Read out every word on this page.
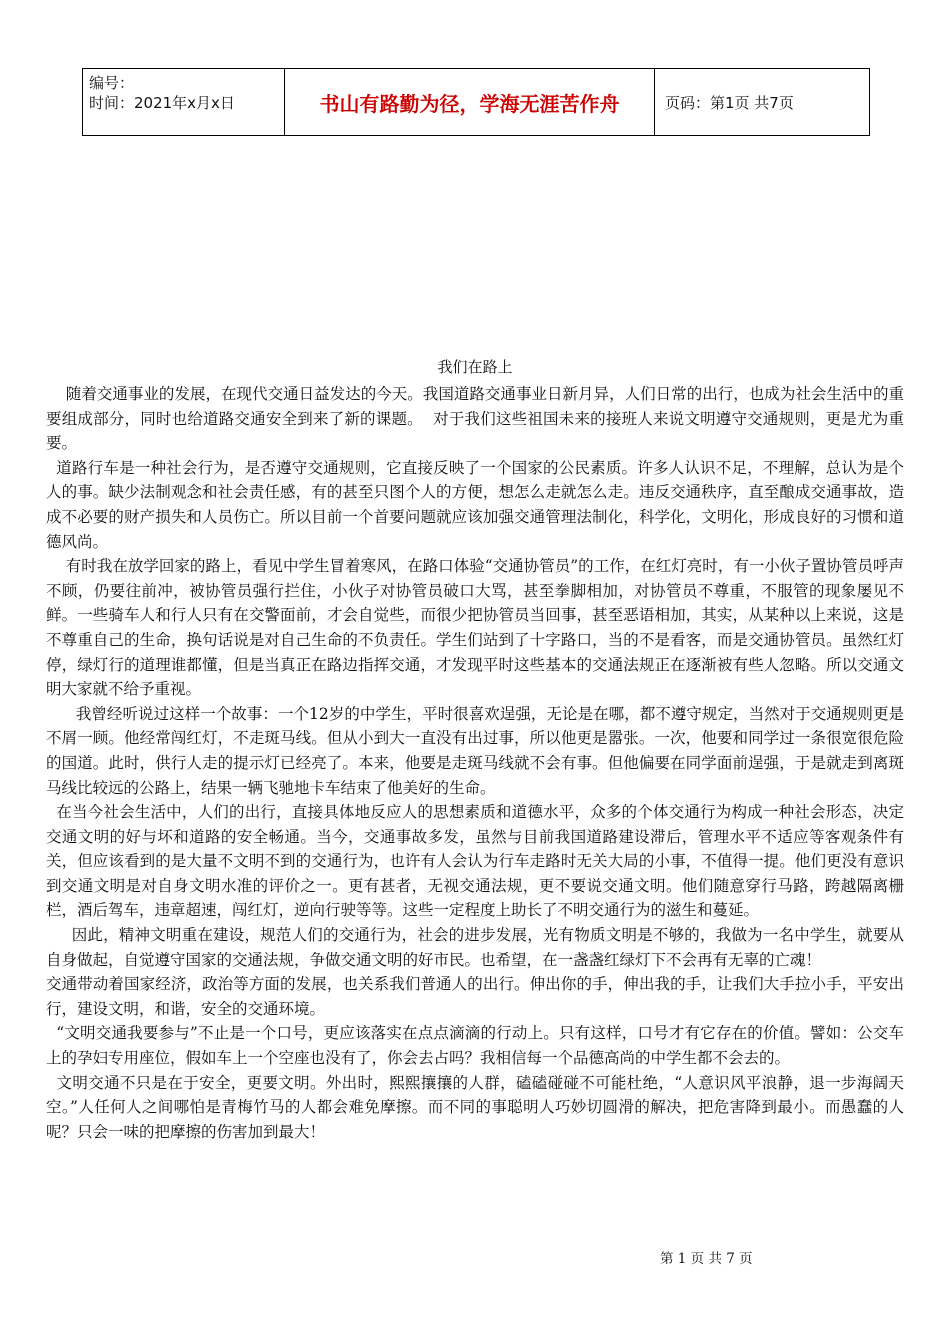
编号：
时间：2021年x月x日	书山有路勤为径，学海无涯苦作舟	页码：第1页 共7页
我们在路上

随着交通事业的发展，在现代交通日益发达的今天。我国道路交通事业日新月异，人们日常的出行，也成为社会生活中的重要组成部分，同时也给道路交通安全到来了新的课题。  对于我们这些祖国未来的接班人来说文明遵守交通规则，更是尤为重要。

道路行车是一种社会行为，是否遵守交通规则，它直接反映了一个国家的公民素质。许多人认识不足，不理解，总认为是个人的事。缺少法制观念和社会责任感，有的甚至只图个人的方便，想怎么走就怎么走。违反交通秩序，直至酿成交通事故，造成不必要的财产损失和人员伤亡。所以目前一个首要问题就应该加强交通管理法制化，科学化，文明化，形成良好的习惯和道德风尚。

有时我在放学回家的路上，看见中学生冒着寒风，在路口体验“交通协管员”的工作，在红灯亮时，有一小伙子置协管员呼声不顾，仍要往前冲，被协管员强行拦住，小伙子对协管员破口大骂，甚至拳脚相加，对协管员不尊重，不服管的现象屡见不鲜。一些骑车人和行人只有在交警面前，才会自觉些，而很少把协管员当回事，甚至恶语相加，其实，从某种以上来说，这是不尊重自己的生命，换句话说是对自己生命的不负责任。学生们站到了十字路口，当的不是看客，而是交通协管员。虽然红灯停，绿灯行的道理谁都懂，但是当真正在路边指挥交通，才发现平时这些基本的交通法规正在逐渐被有些人忽略。所以交通文明大家就不给予重视。

我曾经听说过这样一个故事：一个12岁的中学生，平时很喜欢逞强，无论是在哪，都不遵守规定，当然对于交通规则更是不屑一顾。他经常闯红灯，不走斑马线。但从小到大一直没有出过事，所以他更是嚣张。一次，他要和同学过一条很宽很危险的国道。此时，供行人走的提示灯已经亮了。本来，他要是走斑马线就不会有事。但他偏要在同学面前逞强，于是就走到离斑马线比较远的公路上，结果一辆飞驰地卡车结束了他美好的生命。

在当今社会生活中，人们的出行，直接具体地反应人的思想素质和道德水平，众多的个体交通行为构成一种社会形态，决定交通文明的好与坏和道路的安全畅通。当今，交通事故多发，虽然与目前我国道路建设滞后，管理水平不适应等客观条件有关，但应该看到的是大量不文明不到的交通行为，也许有人会认为行车走路时无关大局的小事，不值得一提。他们更没有意识到交通文明是对自身文明水准的评价之一。更有甚者，无视交通法规，更不要说交通文明。他们随意穿行马路，跨越隔离栅栏，酒后驾车，违章超速，闯红灯，逆向行驶等等。这些一定程度上助长了不明交通行为的滋生和蔓延。

因此，精神文明重在建设，规范人们的交通行为，社会的进步发展，光有物质文明是不够的，我做为一名中学生，就要从自身做起，自觉遵守国家的交通法规，争做交通文明的好市民。也希望，在一盏盏红绿灯下不会再有无辜的亡魂！

交通带动着国家经济，政治等方面的发展，也关系我们普通人的出行。伸出你的手，伸出我的手，让我们大手拉小手，平安出行，建设文明，和谐，安全的交通环境。

“文明交通我要参与”不止是一个口号，更应该落实在点点滴滴的行动上。只有这样，口号才有它存在的价值。譬如：公交车上的孕妇专用座位，假如车上一个空座也没有了，你会去占吗？我相信每一个品德高尚的中学生都不会去的。

文明交通不只是在于安全，更要文明。外出时，熙熙攘攘的人群，磕磕碰碰不可能杜绝，“人意识风平浪静，退一步海阔天空。”人任何人之间哪怕是青梅竹马的人都会难免摩擦。而不同的事聪明人巧妙切圆滑的解决，把危害降到最小。而愚蠢的人呢？只会一味的把摩擦的伤害加到最大！

第 1 页 共 7 页
